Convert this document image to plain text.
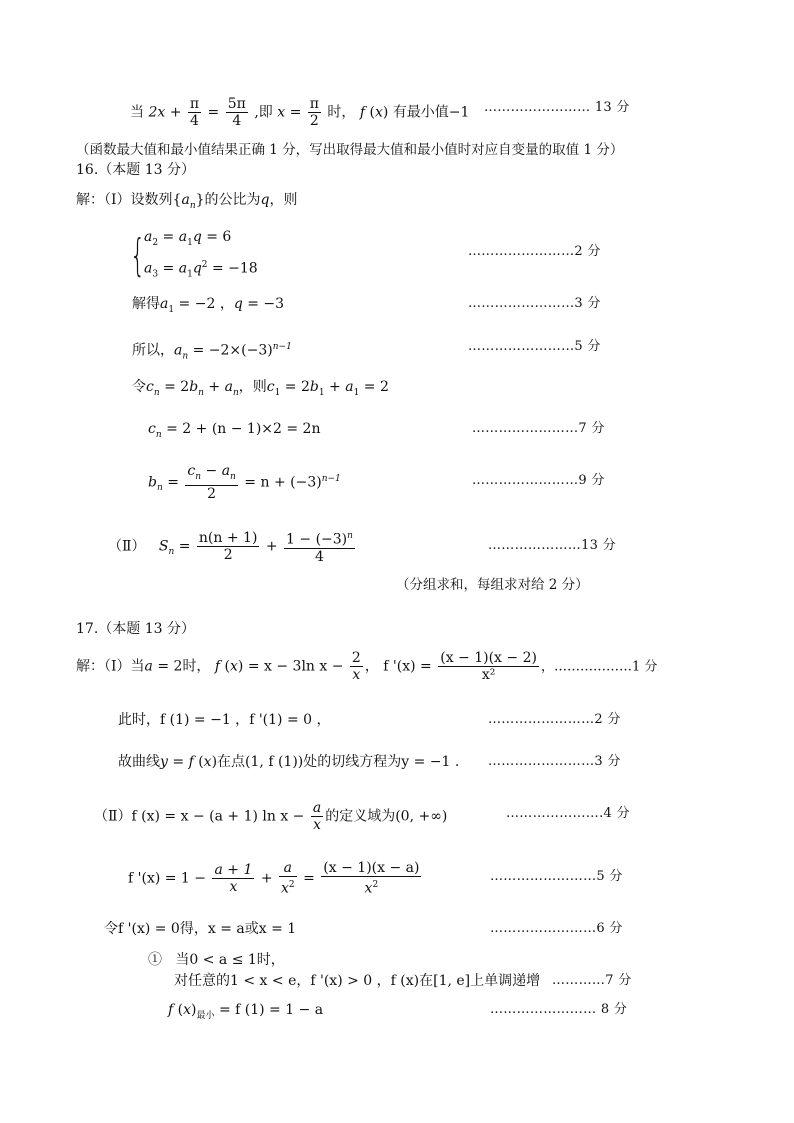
当 $2x + \frac{\pi}{4} = \frac{5\pi}{4}$ ,即 $x = \frac{\pi}{2}$ 时， f (x) 有最小值−1 …………………… 13 分
（函数最大值和最小值结果正确 1 分，写出取得最大值和最小值时对应自变量的取值 1 分）
16.（本题 13 分）
解：（Ⅰ）设数列$\{a_n\}$的公比为q，则
{
$a_2 = a_1q = 6$
$a_3 = a_1q^2 = -18$
……………………2 分
解得$a_1 = -2$ ，q = −3	……………………3 分
所以，$a_n = -2\times(-3)^{n-1}$	……………………5 分
令$c_n = 2b_n + a_n$，则$c_1 = 2b_1 + a_1 = 2$
$c_n = 2 + (n - 1)\times 2 = 2n$	……………………7 分
$b_n = \frac{c_n - a_n}{2} = n + (-3)^{n-1}$	……………………9 分
（Ⅱ） $S_n = \frac{n(n + 1)}{2} + \frac{1 - (-3)^n}{4}$	…………………13 分
（分组求和，每组求对给 2 分）
17.（本题 13 分）
解：（Ⅰ）当a = 2时， f (x) = x − 3ln $x - \frac{2}{x}$ ， f '$(x) = \frac{(x - 1)(x - 2)}{\text{x²}}$ ，………………1 分
此时，f (1) = −1 ，f '(1) = 0 ，	……………………2 分
故曲线y = f (x)在点(1, f (1))处的切线方程为y = −1 . ……………………3 分
（Ⅱ）f (x) = x − (a + 1) $\ln x - \frac{a}{x}$ 的定义域为(0, +∞)	………………….4 分
f '$(x) = 1 - \frac{a + 1}{x} + \frac{a}{x^2} = \frac{(x - 1)(x - a)}{x^2}$	……………………5 分
令f '(x) = 0得，x = a或x = 1	……………………6 分
① 当0 < a ≤ 1时，
对任意的1 < x < e，f '(x) > 0 ，f (x)在[1, e]上单调递增 …………7 分
f $(x)_{最小} = f$ (1) = 1 − a	…………………… 8 分
